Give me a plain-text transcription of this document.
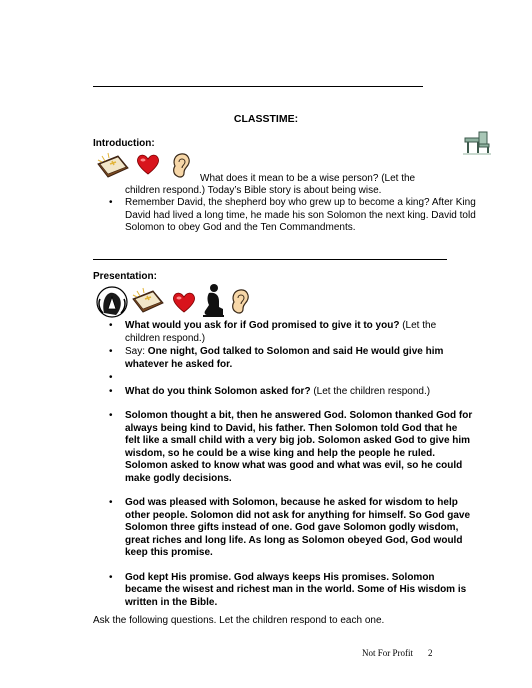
CLASSTIME:
Introduction:
What does it mean to be a wise person? (Let the
children respond.) Today’s Bible story is about being wise.
• Remember David, the shepherd boy who grew up to become a king? After King David had lived a long time, he made his son Solomon the next king. David told Solomon to obey God and the Ten Commandments.
Presentation:
• What would you ask for if God promised to give it to you? (Let the children respond.)
• Say: One night, God talked to Solomon and said He would give him whatever he asked for.
•
• What do you think Solomon asked for? (Let the children respond.)
• Solomon thought a bit, then he answered God. Solomon thanked God for always being kind to David, his father. Then Solomon told God that he felt like a small child with a very big job. Solomon asked God to give him wisdom, so he could be a wise king and help the people he ruled. Solomon asked to know what was good and what was evil, so he could make godly decisions.
• God was pleased with Solomon, because he asked for wisdom to help other people. Solomon did not ask for anything for himself. So God gave Solomon three gifts instead of one. God gave Solomon godly wisdom, great riches and long life. As long as Solomon obeyed God, God would keep this promise.
• God kept His promise. God always keeps His promises. Solomon became the wisest and richest man in the world. Some of His wisdom is written in the Bible.
Ask the following questions. Let the children respond to each one.
Not For Profit 2
